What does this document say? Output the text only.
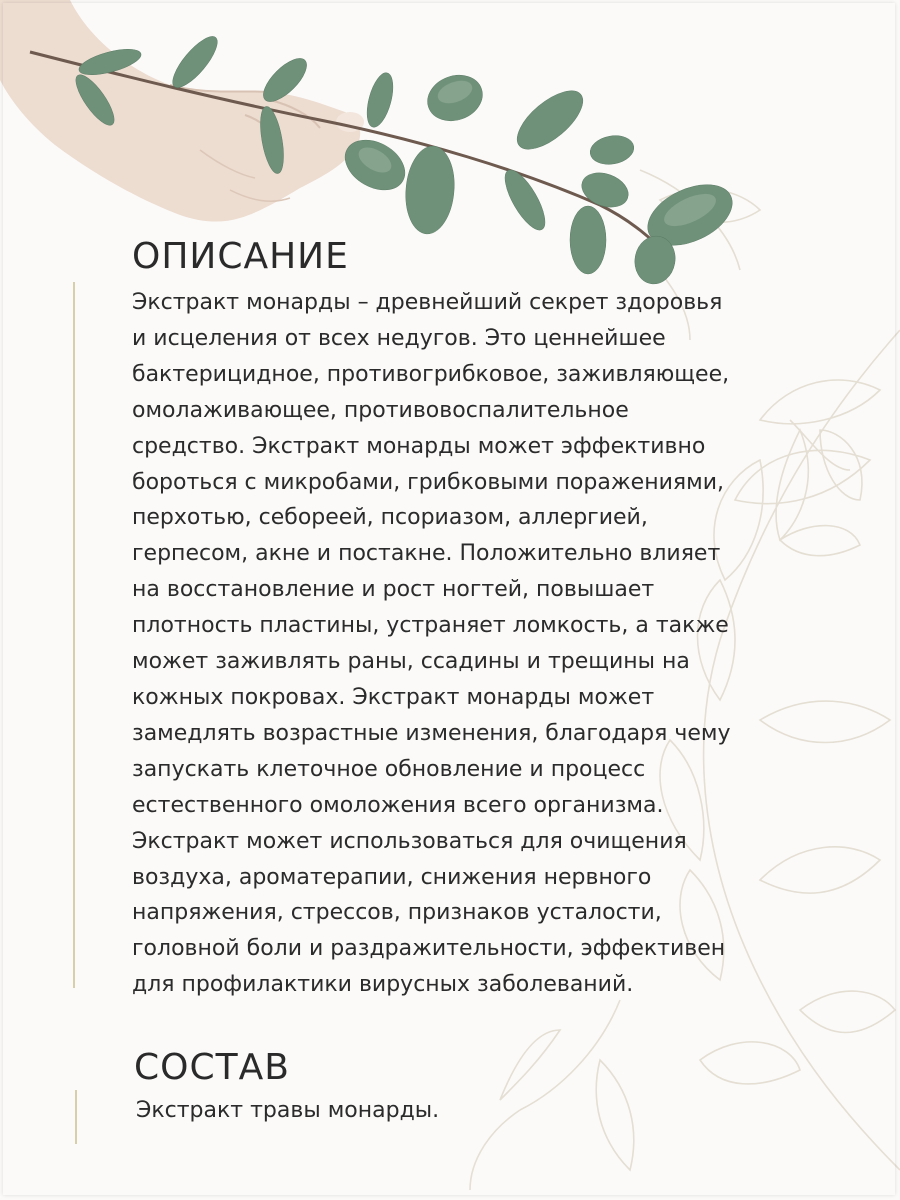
ОПИСАНИЕ
Экстракт монарды – древнейший секрет здоровья
и исцеления от всех недугов. Это ценнейшее
бактерицидное, противогрибковое, заживляющее,
омолаживающее, противовоспалительное
средство. Экстракт монарды может эффективно
бороться с микробами, грибковыми поражениями,
перхотью, себореей, псориазом, аллергией,
герпесом, акне и постакне. Положительно влияет
на восстановление и рост ногтей, повышает
плотность пластины, устраняет ломкость, а также
может заживлять раны, ссадины и трещины на
кожных покровах. Экстракт монарды может
замедлять возрастные изменения, благодаря чему
запускать клеточное обновление и процесс
естественного омоложения всего организма.
Экстракт может использоваться для очищения
воздуха, ароматерапии, снижения нервного
напряжения, стрессов, признаков усталости,
головной боли и раздражительности, эффективен
для профилактики вирусных заболеваний.
СОСТАВ

Экстракт травы монарды.
